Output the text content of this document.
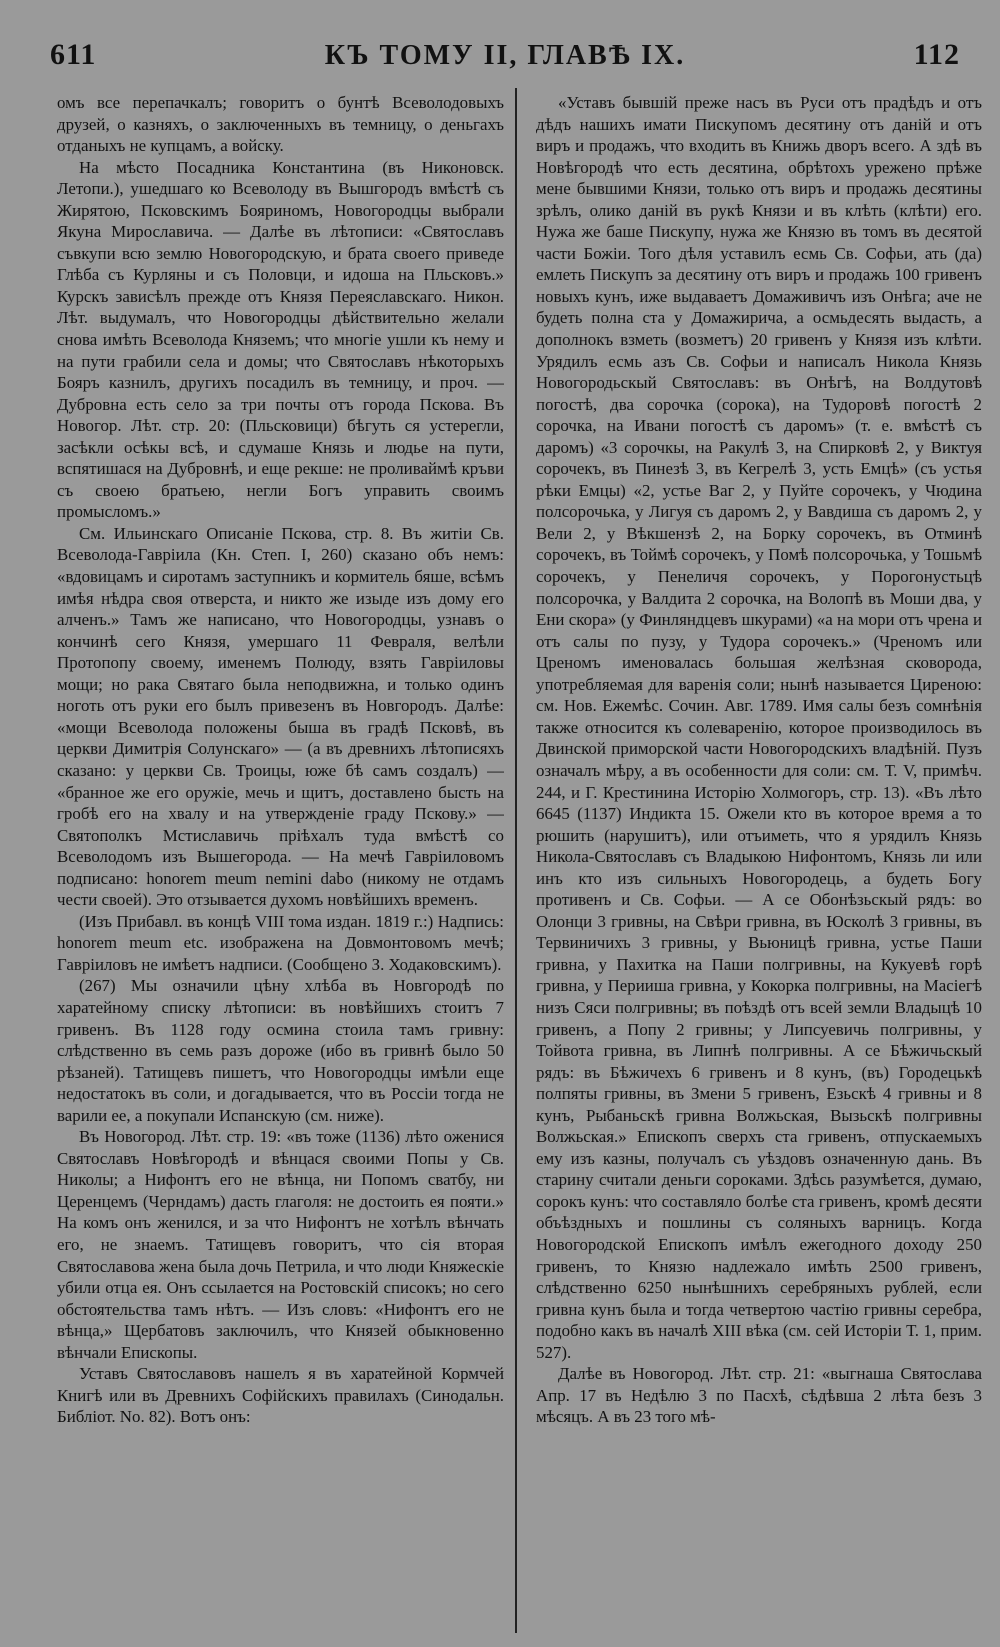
611	КЪ ТОМУ II, ГЛАВѢ IX.	112

омъ все перепачкалъ; говоритъ о бунтѣ Всеволодовыхъ друзей, о казняхъ, о заключенныхъ въ темницу, о деньгахъ отданыхъ не купцамъ, а войску.

На мѣсто Посадника Константина (въ Никоновск. Летопи.), ушедшаго ко Всеволоду въ Вышгородъ вмѣстѣ съ Жирятою, Псковскимъ Бояриномъ, Новогородцы выбрали Якуна Мирославича. — Далѣе въ лѣтописи: «Святославъ съвкупи всю землю Новогородскую, и брата своего приведе Глѣба съ Курляны и съ Половци, и идоша на Пльсковъ.» Курскъ зависѣлъ прежде отъ Князя Переяславскаго. Никон. Лѣт. выдумалъ, что Новогородцы дѣйствительно желали снова имѣть Всеволода Княземъ; что многіе ушли къ нему и на пути грабили села и домы; что Святославъ нѣкоторыхъ Бояръ казнилъ, другихъ посадилъ въ темницу, и проч. — Дубровна есть село за три почты отъ города Пскова. Въ Новогор. Лѣт. стр. 20: (Пльсковици) бѣгуть ся устерегли, засѣкли осѣкы всѣ, и сдумаше Князь и людье на пути, вспятишася на Дубровнѣ, и еще рекше: не проливаймѣ кръви съ своею братьею, негли Богъ управить своимъ промысломъ.»

См. Ильинскаго Описаніе Пскова, стр. 8. Въ житіи Св. Всеволода-Гаврiила (Кн. Степ. I, 260) сказано объ немъ: «вдовицамъ и сиротамъ заступникъ и кормитель бяше, всѣмъ имѣя нѣдра своя отверста, и никто же изыде изъ дому его алченъ.» Тамъ же написано, что Новогородцы, узнавъ о кончинѣ сего Князя, умершаго 11 Февраля, велѣли Протопопу своему, именемъ Полюду, взять Гавріиловы мощи; но рака Святаго была неподвижна, и только одинъ ноготь отъ руки его былъ привезенъ въ Новгородъ. Далѣе: «мощи Всеволода положены быша въ градѣ Псковѣ, въ церкви Димитрія Солунскаго» — (а въ древнихъ лѣтописяхъ сказано: у церкви Св. Троицы, юже бѣ самъ создалъ) — «бранное же его оружіе, мечь и щитъ, доставлено бысть на гробѣ его на хвалу и на утвержденіе граду Пскову.» — Святополкъ Мстиславичь пріѣхалъ туда вмѣстѣ со Всеволодомъ изъ Вышегорода. — На мечѣ Гавріиловомъ подписано: honorem meum nemini dabo (никому не отдамъ чести своей). Это отзывается духомъ новѣйшихъ временъ.

(Изъ Прибавл. въ концѣ VIII тома издан. 1819 г.:) Надпись: honorem meum etc. изображена на Довмонтовомъ мечѣ; Гавріиловъ не имѣетъ надписи. (Сообщено З. Ходаковскимъ).

(267) Мы означили цѣну хлѣба въ Новгородѣ по харатейному списку лѣтописи: въ новѣйшихъ стоитъ 7 гривенъ. Въ 1128 году осмина стоила тамъ гривну: слѣдственно въ семь разъ дороже (ибо въ гривнѣ было 50 рѣзаней). Татищевъ пишетъ, что Новогородцы имѣли еще недостатокъ въ соли, и догадывается, что въ Россіи тогда не варили ее, а покупали Испанскую (см. ниже).

Въ Новогород. Лѣт. стр. 19: «въ тоже (1136) лѣто оженися Святославъ Новѣгородѣ и вѣнцася своими Попы у Св. Николы; а Нифонтъ его не вѣнца, ни Попомъ сватбу, ни Церенцемъ (Черндамъ) дасть глаголя: не достоить ея пояти.» На комъ онъ женился, и за что Нифонтъ не хотѣлъ вѣнчать его, не знаемъ. Татищевъ говоритъ, что сія вторая Святославова жена была дочь Петрила, и что люди Княжескіе убили отца ея. Онъ ссылается на Ростовскій списокъ; но сего обстоятельства тамъ нѣтъ. — Изъ словъ: «Нифонтъ его не вѣнца,» Щербатовъ заключилъ, что Князей обыкновенно вѣнчали Епископы.

Уставъ Святославовъ нашелъ я въ харатейной Кормчей Книгѣ или въ Древнихъ Софійскихъ правилахъ (Синодальн. Библіот. No. 82). Вотъ онъ:

«Уставъ бывшій преже насъ въ Руси отъ прадѣдъ и отъ дѣдъ нашихъ имати Пискупомъ десятину отъ даній и отъ виръ и продажъ, что входить въ Книжь дворъ всего. А здѣ въ Новѣгородѣ что есть десятина, обрѣтохъ урежено прѣже мене бывшими Князи, только отъ виръ и продажь десятины зрѣлъ, олико даній въ рукѣ Князи и въ клѣть (клѣти) его. Нужа же баше Пискупу, нужа же Князю въ томъ въ десятой части Божіи. Того дѣля уставилъ есмь Св. Софьи, ать (да) емлеть Пискупъ за десятину отъ виръ и продажь 100 гривенъ новыхъ кунъ, иже выдаваетъ Домаживичъ изъ Онѣга; аче не будеть полна ста у Домажирича, а осмьдесять выдасть, а дополнокъ взметь (возметъ) 20 гривенъ у Князя изъ клѣти. Урядилъ есмь азъ Св. Софьи и написалъ Никола Князь Новогородьскый Святославъ: въ Онѣгѣ, на Волдутовѣ погостѣ, два сорочка (сорока), на Тудоровѣ погостѣ 2 сорочка, на Ивани погостѣ съ даромъ» (т. е. вмѣстѣ съ даромъ) «3 сорочкы, на Ракулѣ 3, на Спирковѣ 2, у Виктуя сорочекъ, въ Пинезѣ 3, въ Кегрелѣ 3, усть Емцѣ» (съ устья рѣки Емцы) «2, устье Ваг 2, у Пуйте сорочекъ, у Чюдина полсорочька, у Лигуя съ даромъ 2, у Вавдиша съ даромъ 2, у Вели 2, у Вѣкшензѣ 2, на Борку сорочекъ, въ Отминѣ сорочекъ, въ Тоймѣ сорочекъ, у Помѣ полсорочька, у Тошьмѣ сорочекъ, у Пенеличя сорочекъ, у Порогонустьцѣ полсорочка, у Валдита 2 сорочка, на Волопѣ въ Моши два, у Ени скора» (у Финляндцевъ шкурами) «а на мори отъ чрена и отъ салы по пузу, у Тудора сорочекъ.» (Чреномъ или Цреномъ именовалась большая желѣзная сковорода, употребляемая для варенія соли; нынѣ называется Циреною: см. Нов. Ежемѣс. Сочин. Авг. 1789. Имя салы безъ сомнѣнія также относится къ солеваренію, которое производилось въ Двинской приморской части Новогородскихъ владѣній. Пузъ означалъ мѣру, а въ особенности для соли: см. Т. V, примѣч. 244, и Г. Крестинина Исторію Холмогоръ, стр. 13). «Въ лѣто 6645 (1137) Индикта 15. Ожели кто въ которое время а то рюшить (нарушитъ), или отъиметь, что я урядилъ Князь Никола-Святославъ съ Владыкою Нифонтомъ, Князь ли или инъ кто изъ сильныхъ Новогородець, а будеть Богу противенъ и Св. Софьи. — А се Обонѣзьскый рядъ: во Олонци 3 гривны, на Свѣри гривна, въ Юсколѣ 3 гривны, въ Тервиничихъ 3 гривны, у Вьюницѣ гривна, устье Паши гривна, у Пахитка на Паши полгривны, на Кукуевѣ горѣ гривна, у Перииша гривна, у Кокорка полгривны, на Масіегѣ низъ Сяси полгривны; въ поѣздѣ отъ всей земли Владыцѣ 10 гривенъ, а Попу 2 гривны; у Липсуевичь полгривны, у Тойвота гривна, въ Липнѣ полгривны. А се Бѣжичьскый рядъ: въ Бѣжичехъ 6 гривенъ и 8 кунъ, (въ) Городецькѣ полпяты гривны, въ Змени 5 гривенъ, Езьскѣ 4 гривны и 8 кунъ, Рыбаньскѣ гривна Волжьская, Вызьскѣ полгривны Волжьская.» Епископъ сверхъ ста гривенъ, отпускаемыхъ ему изъ казны, получалъ съ уѣздовъ означенную дань. Въ старину считали деньги сороками. Здѣсь разумѣется, думаю, сорокъ кунъ: что составляло болѣе ста гривенъ, кромѣ десяти объѣздныхъ и пошлины съ соляныхъ варницъ. Когда Новогородской Епископъ имѣлъ ежегодного доходу 250 гривенъ, то Князю надлежало имѣть 2500 гривенъ, слѣдственно 6250 нынѣшнихъ серебряныхъ рублей, если гривна кунъ была и тогда четвертою частію гривны серебра, подобно какъ въ началѣ XIII вѣка (см. сей Исторіи Т. 1, прим. 527).

Далѣе въ Новогород. Лѣт. стр. 21: «выгнаша Святослава Апр. 17 въ Недѣлю 3 по Пасхѣ, сѣдѣвша 2 лѣта безъ 3 мѣсяцъ. А въ 23 того мѣ-
